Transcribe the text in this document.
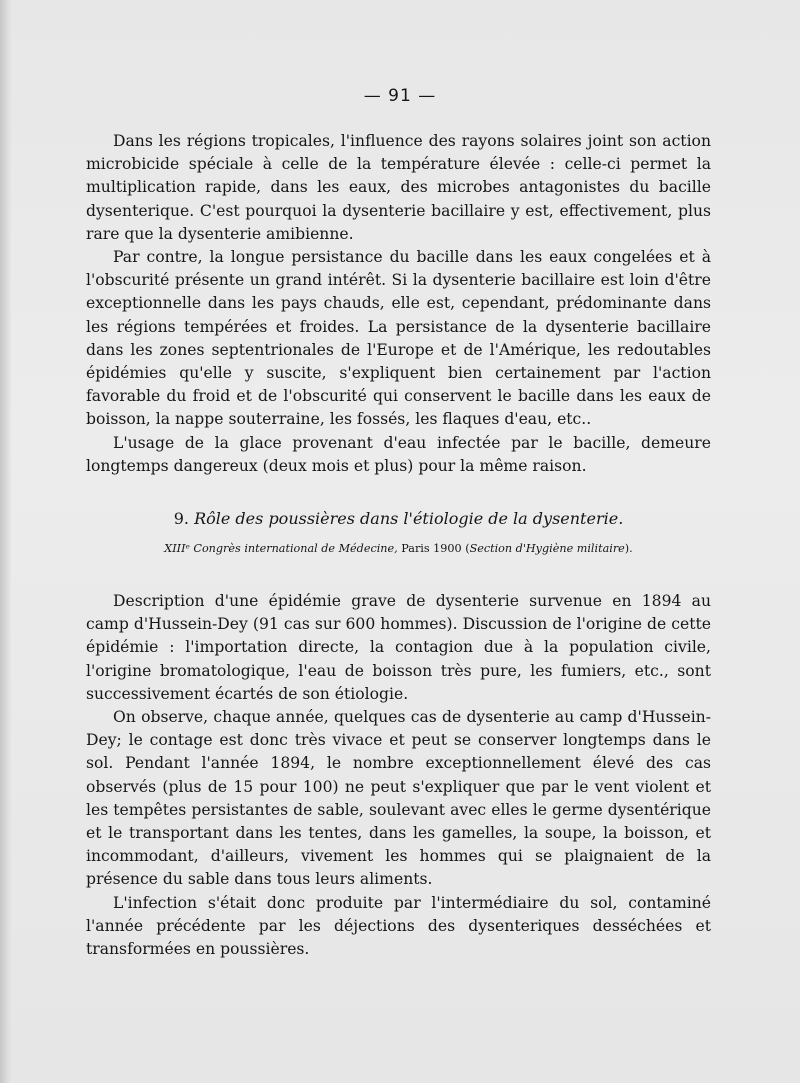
— 91 —

Dans les régions tropicales, l'influence des rayons solaires joint son action microbicide spéciale à celle de la température élevée : celle-ci permet la multiplication rapide, dans les eaux, des microbes antagonistes du bacille dysenterique. C'est pourquoi la dysenterie bacillaire y est, effectivement, plus rare que la dysenterie amibienne.

Par contre, la longue persistance du bacille dans les eaux congelées et à l'obscurité présente un grand intérêt. Si la dysenterie bacillaire est loin d'être exceptionnelle dans les pays chauds, elle est, cependant, prédominante dans les régions tempérées et froides. La persistance de la dysenterie bacillaire dans les zones septentrionales de l'Europe et de l'Amérique, les redoutables épidémies qu'elle y suscite, s'expliquent bien certainement par l'action favorable du froid et de l'obscurité qui conservent le bacille dans les eaux de boisson, la nappe souterraine, les fossés, les flaques d'eau, etc..

L'usage de la glace provenant d'eau infectée par le bacille, demeure longtemps dangereux (deux mois et plus) pour la même raison.

9. Rôle des poussières dans l'étiologie de la dysenterie.
XIIIᵉ Congrès international de Médecine, Paris 1900 (Section d'Hygiène militaire).

Description d'une épidémie grave de dysenterie survenue en 1894 au camp d'Hussein-Dey (91 cas sur 600 hommes). Discussion de l'origine de cette épidémie : l'importation directe, la contagion due à la population civile, l'origine bromatologique, l'eau de boisson très pure, les fumiers, etc., sont successivement écartés de son étiologie.

On observe, chaque année, quelques cas de dysenterie au camp d'Hussein-Dey; le contage est donc très vivace et peut se conserver longtemps dans le sol. Pendant l'année 1894, le nombre exceptionnellement élevé des cas observés (plus de 15 pour 100) ne peut s'expliquer que par le vent violent et les tempêtes persistantes de sable, soulevant avec elles le germe dysentérique et le transportant dans les tentes, dans les gamelles, la soupe, la boisson, et incommodant, d'ailleurs, vivement les hommes qui se plaignaient de la présence du sable dans tous leurs aliments.

L'infection s'était donc produite par l'intermédiaire du sol, contaminé l'année précédente par les déjections des dysenteriques desséchées et transformées en poussières.
